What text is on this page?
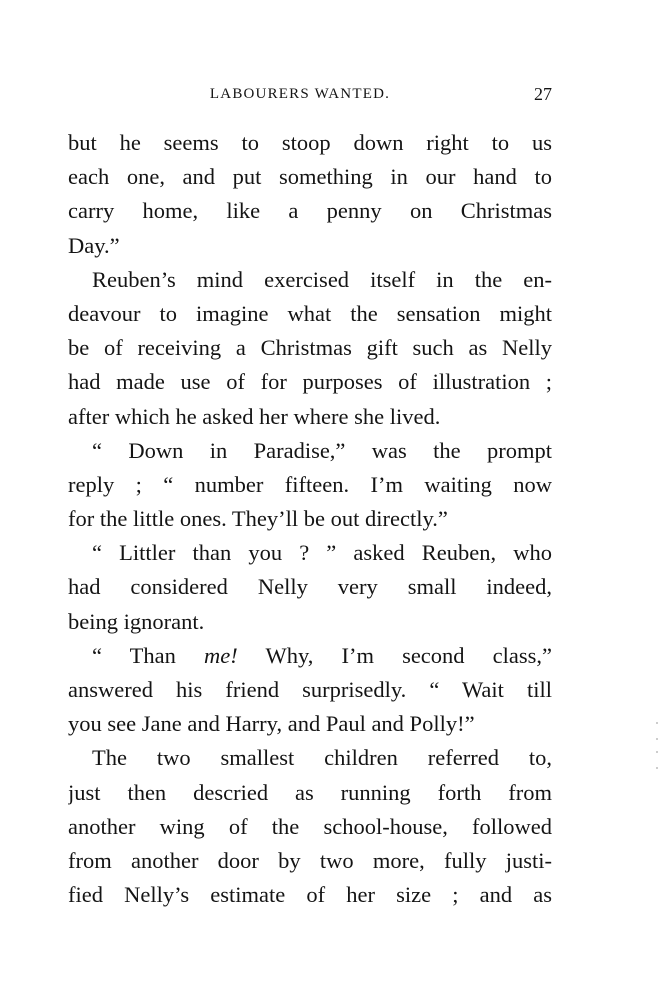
LABOURERS WANTED.	27
but he seems to stoop down right to us
each one, and put something in our hand to
carry home, like a penny on Christmas
Day.”
Reuben’s mind exercised itself in the en-
deavour to imagine what the sensation might
be of receiving a Christmas gift such as Nelly
had made use of for purposes of illustration ;
after which he asked her where she lived.
“ Down in Paradise,” was the prompt
reply ; “ number fifteen. I’m waiting now
for the little ones. They’ll be out directly.”
“ Littler than you ? ” asked Reuben, who
had considered Nelly very small indeed,
being ignorant.
“ Than me! Why, I’m second class,”
answered his friend surprisedly. “ Wait till
you see Jane and Harry, and Paul and Polly!”
The two smallest children referred to,
just then descried as running forth from
another wing of the school-house, followed
from another door by two more, fully justi-
fied Nelly’s estimate of her size ; and as
